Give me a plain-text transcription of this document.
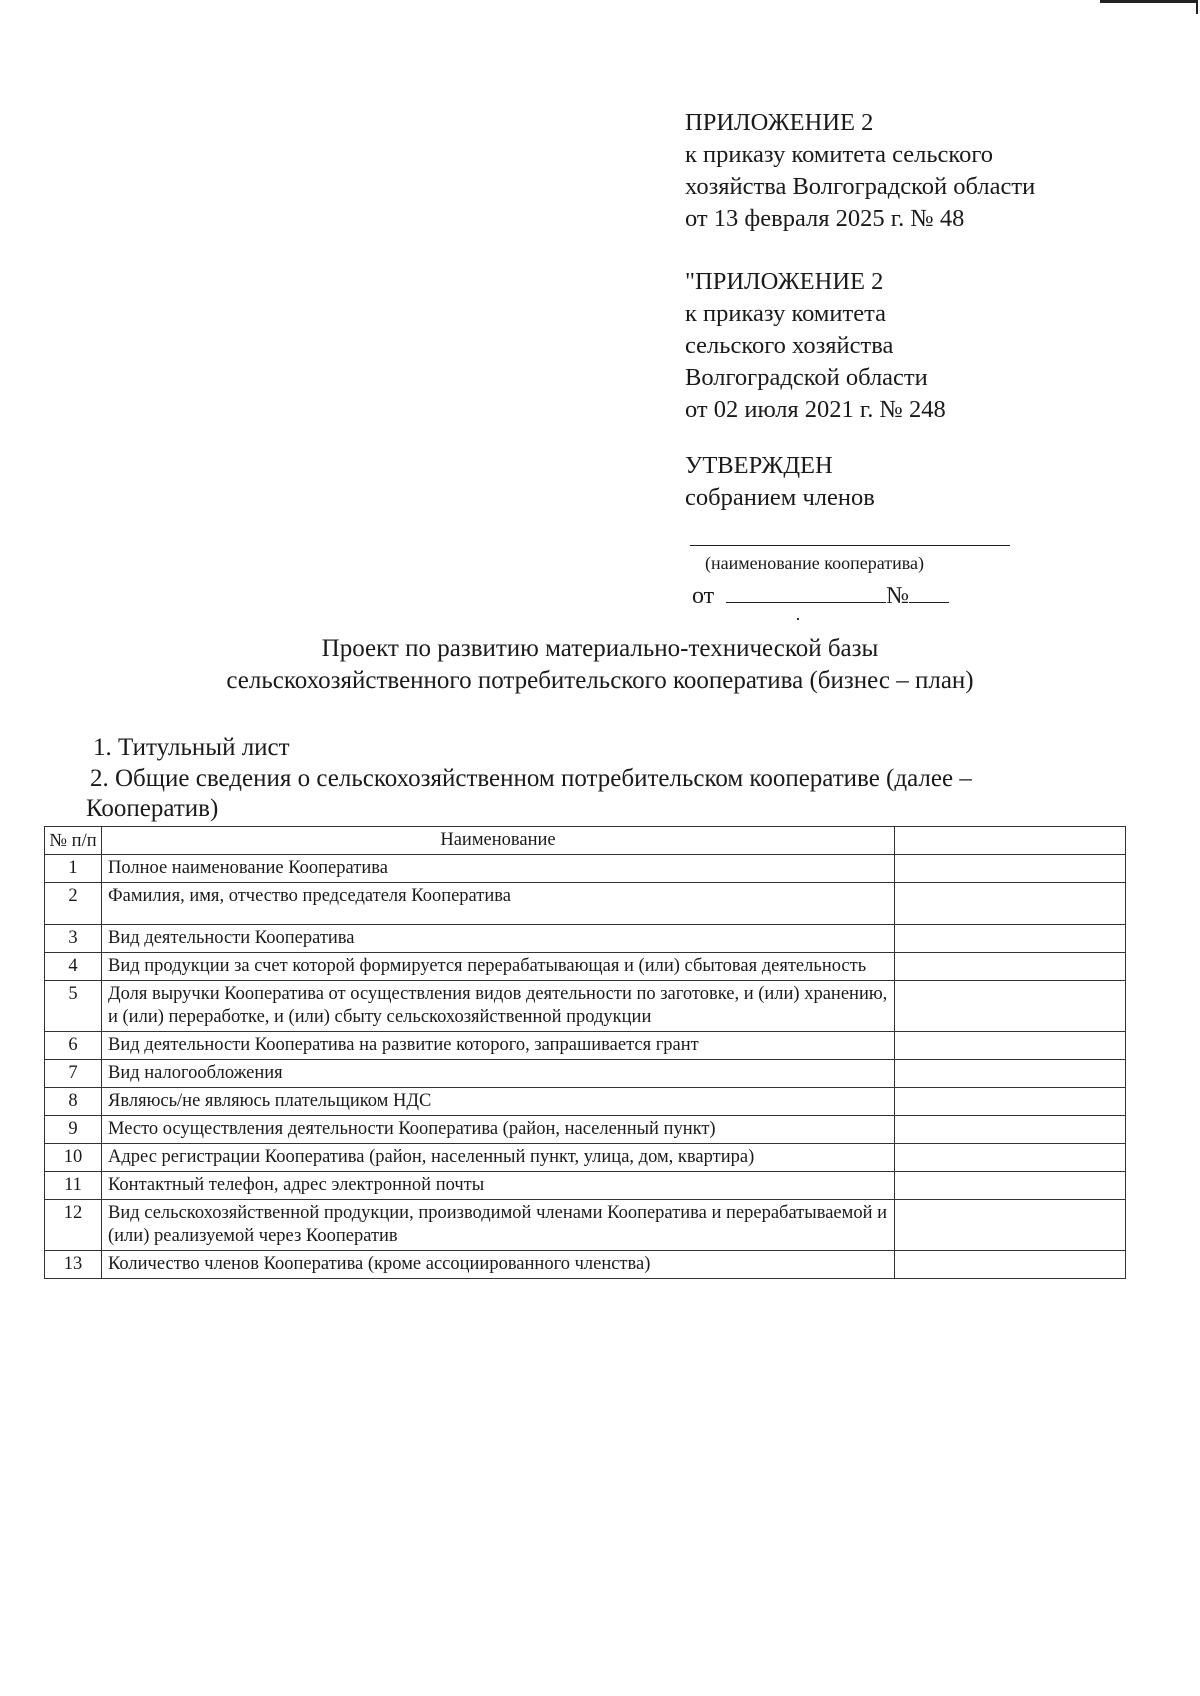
ПРИЛОЖЕНИЕ 2
к приказу комитета сельского
хозяйства Волгоградской области
от 13 февраля 2025 г. № 48
"ПРИЛОЖЕНИЕ 2
к приказу комитета
сельского хозяйства
Волгоградской области
от 02 июля 2021 г. № 248
УТВЕРЖДЕН
собранием членов
(наименование кооператива)
от	№
Проект по развитию материально-технической базы
сельскохозяйственного потребительского кооператива (бизнес – план)
1. Титульный лист
2. Общие сведения о сельскохозяйственном потребительском кооперативе (далее –
Кооператив)
№ п/п	Наименование	
1	Полное наименование Кооператива	
2	Фамилия, имя, отчество председателя Кооператива	
3	Вид деятельности Кооператива	
4	Вид продукции за счет которой формируется перерабатывающая и (или) сбытовая деятельность	
5	Доля выручки Кооператива от осуществления видов деятельности по заготовке, и (или) хранению, и (или) переработке, и (или) сбыту сельскохозяйственной продукции	
6	Вид деятельности Кооператива на развитие которого, запрашивается грант	
7	Вид налогообложения	
8	Являюсь/не являюсь плательщиком НДС	
9	Место осуществления деятельности Кооператива (район, населенный пункт)	
10	Адрес регистрации Кооператива (район, населенный пункт, улица, дом, квартира)	
11	Контактный телефон, адрес электронной почты	
12	Вид сельскохозяйственной продукции, производимой членами Кооператива и перерабатываемой и (или) реализуемой через Кооператив	
13	Количество членов Кооператива (кроме ассоциированного членства)	
